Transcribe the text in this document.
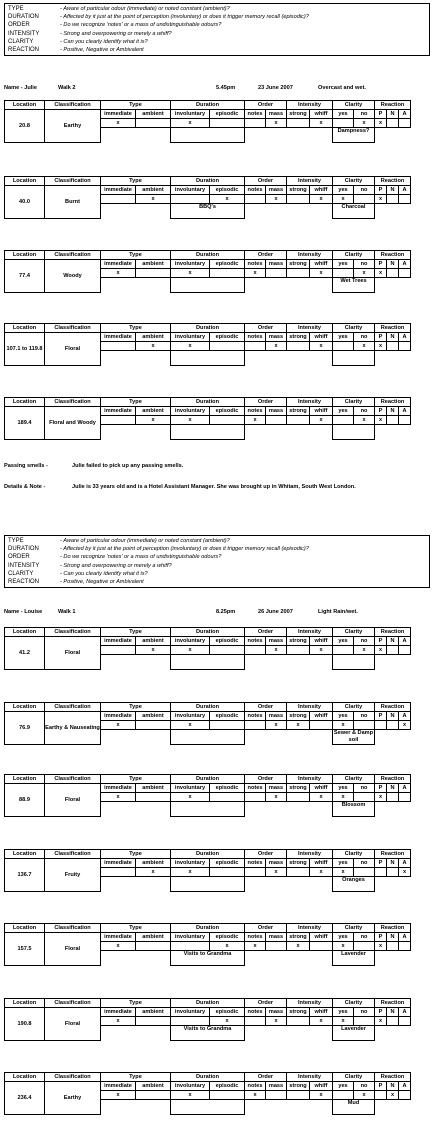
TYPE	- Aware of particular odour (immediate) or noted constant (ambient)?
DURATION	- Affected by it just at the point of perception (involuntary) or does it trigger memory recall (episodic)?
ORDER	- Do we recognize 'notes' or a mass of undistinguishable odours?
INTENSITY	- Strong and overpowering or merely a whiff?
CLARITY	- Can you clearly identify what it is?
REACTION	- Positive, Negative or Ambivalent
Name - Julie	Walk 2	5.45pm	23 June 2007	Overcast and wet.
Location	Classification	Type		Duration		Order		Intensity		Clarity		Reaction		
20.8	Earthy	immediate	ambient	involuntary	episodic	notes	mass	strong	whiff	yes	no	P	N	A
		x		x			x		x		x	x		
										Dampness?				
Location	Classification	Type		Duration		Order		Intensity		Clarity		Reaction		
40.0	Burnt	immediate	ambient	involuntary	episodic	notes	mass	strong	whiff	yes	no	P	N	A
			x		x		x		x	x		x		
				BBQ's						Charcoal				
Location	Classification	Type		Duration		Order		Intensity		Clarity		Reaction		
77.4	Woody	immediate	ambient	involuntary	episodic	notes	mass	strong	whiff	yes	no	P	N	A
		x		x		x			x		x	x		
										Wet Trees				
Location	Classification	Type		Duration		Order		Intensity		Clarity		Reaction		
107.1 to 119.8	Floral	immediate	ambient	involuntary	episodic	notes	mass	strong	whiff	yes	no	P	N	A
			x	x			x		x		x	x		

Location	Classification	Type		Duration		Order		Intensity		Clarity		Reaction		
189.4	Floral and Woody	immediate	ambient	involuntary	episodic	notes	mass	strong	whiff	yes	no	P	N	A
			x	x		x			x		x	x		

Passing smells -	Julie failed to pick up any passing smells.
Details & Note -	Julie is 33 years old and is a Hotel Assistant Manager. She was brought up in Whitam, South West London.
TYPE	- Aware of particular odour (immediate) or noted constant (ambient)?
DURATION	- Affected by it just at the point of perception (involuntary) or does it trigger memory recall (episodic)?
ORDER	- Do we recognize 'notes' or a mass of undistinguishable odours?
INTENSITY	- Strong and overpowering or merely a whiff?
CLARITY	- Can you clearly identify what it is?
REACTION	- Positive, Negative or Ambivalent
Name - Louise	Walk 1	8.25pm	26 June 2007	Light Rain/wet.
Location	Classification	Type		Duration		Order		Intensity		Clarity		Reaction		
41.2	Floral	immediate	ambient	involuntary	episodic	notes	mass	strong	whiff	yes	no	P	N	A
			x	x			x		x		x	x		

Location	Classification	Type		Duration		Order		Intensity		Clarity		Reaction		
76.9	Earthy & Nauseating	immediate	ambient	involuntary	episodic	notes	mass	strong	whiff	yes	no	P	N	A
		x		x			x	x		x				x
										Sewer & Damp soil				
Location	Classification	Type		Duration		Order		Intensity		Clarity		Reaction		
88.9	Floral	immediate	ambient	involuntary	episodic	notes	mass	strong	whiff	yes	no	P	N	A
		x		x			x		x	x		x		
										Blossom				
Location	Classification	Type		Duration		Order		Intensity		Clarity		Reaction		
136.7	Fruity	immediate	ambient	involuntary	episodic	notes	mass	strong	whiff	yes	no	P	N	A
			x	x			x		x	x				x
										Oranges				
Location	Classification	Type		Duration		Order		Intensity		Clarity		Reaction		
157.5	Floral	immediate	ambient	involuntary	episodic	notes	mass	strong	whiff	yes	no	P	N	A
		x			x	x		x		x		x		
				Visits to Grandma						Lavender				
Location	Classification	Type		Duration		Order		Intensity		Clarity		Reaction		
190.8	Floral	immediate	ambient	involuntary	episodic	notes	mass	strong	whiff	yes	no	P	N	A
		x			x		x		x	x		x		
				Visits to Grandma						Lavender				
Location	Classification	Type		Duration		Order		Intensity		Clarity		Reaction		
236.4	Earthy	immediate	ambient	involuntary	episodic	notes	mass	strong	whiff	yes	no	P	N	A
		x		x		x			x		x		x	
										Mud				
